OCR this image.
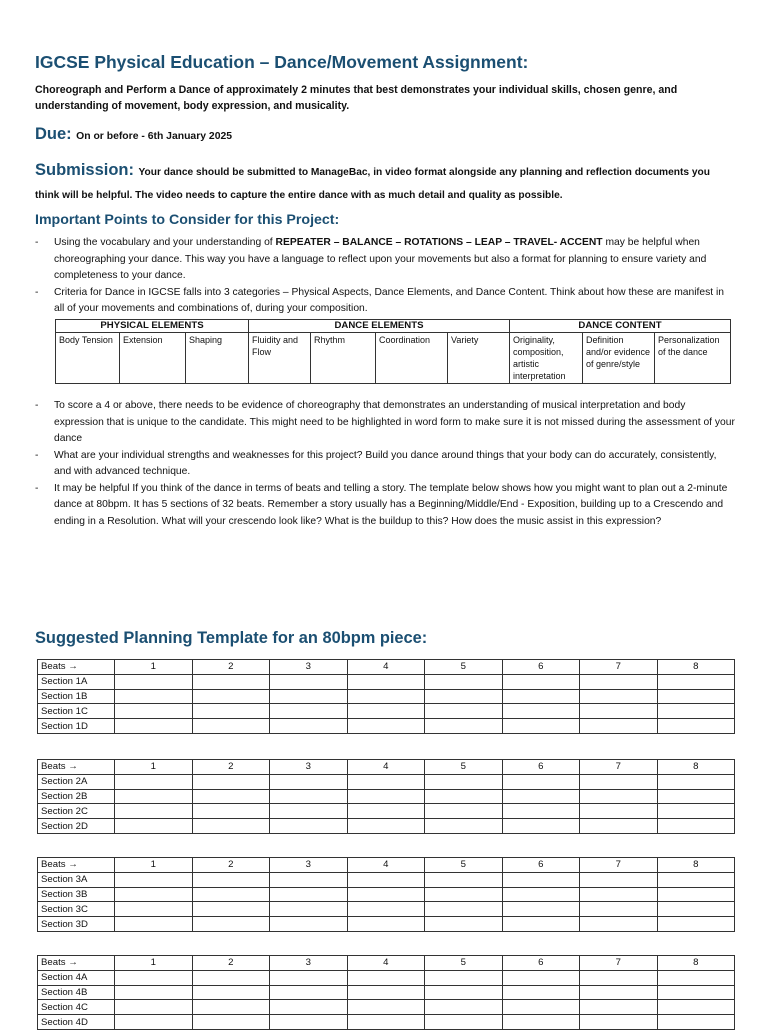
IGCSE Physical Education – Dance/Movement Assignment:
Choreograph and Perform a Dance of approximately 2 minutes that best demonstrates your individual skills, chosen genre, and understanding of movement, body expression, and musicality.
Due: On or before - 6th January 2025
Submission: Your dance should be submitted to ManageBac, in video format alongside any planning and reflection documents you think will be helpful. The video needs to capture the entire dance with as much detail and quality as possible.
Important Points to Consider for this Project:
- Using the vocabulary and your understanding of REPEATER – BALANCE – ROTATIONS – LEAP – TRAVEL- ACCENT may be helpful when choreographing your dance. This way you have a language to reflect upon your movements but also a format for planning to ensure variety and completeness to your dance.
- Criteria for Dance in IGCSE falls into 3 categories – Physical Aspects, Dance Elements, and Dance Content. Think about how these are manifest in all of your movements and combinations of, during your composition.
PHYSICAL ELEMENTS			DANCE ELEMENTS				DANCE CONTENT		
Body Tension	Extension	Shaping	Fluidity and Flow	Rhythm	Coordination	Variety	Originality, composition, artistic interpretation	Definition and/or evidence of genre/style	Personalization of the dance
- To score a 4 or above, there needs to be evidence of choreography that demonstrates an understanding of musical interpretation and body expression that is unique to the candidate. This might need to be highlighted in word form to make sure it is not missed during the assessment of your dance
- What are your individual strengths and weaknesses for this project? Build you dance around things that your body can do accurately, consistently, and with advanced technique.
- It may be helpful If you think of the dance in terms of beats and telling a story. The template below shows how you might want to plan out a 2-minute dance at 80bpm. It has 5 sections of 32 beats. Remember a story usually has a Beginning/Middle/End - Exposition, building up to a Crescendo and ending in a Resolution. What will your crescendo look like? What is the buildup to this? How does the music assist in this expression?
Suggested Planning Template for an 80bpm piece:
Beats →	1	2	3	4	5	6	7	8
Section 1A								
Section 1B								
Section 1C								
Section 1D								
Beats →	1	2	3	4	5	6	7	8
Section 2A								
Section 2B								
Section 2C								
Section 2D								
Beats →	1	2	3	4	5	6	7	8
Section 3A								
Section 3B								
Section 3C								
Section 3D								
Beats →	1	2	3	4	5	6	7	8
Section 4A								
Section 4B								
Section 4C								
Section 4D								
